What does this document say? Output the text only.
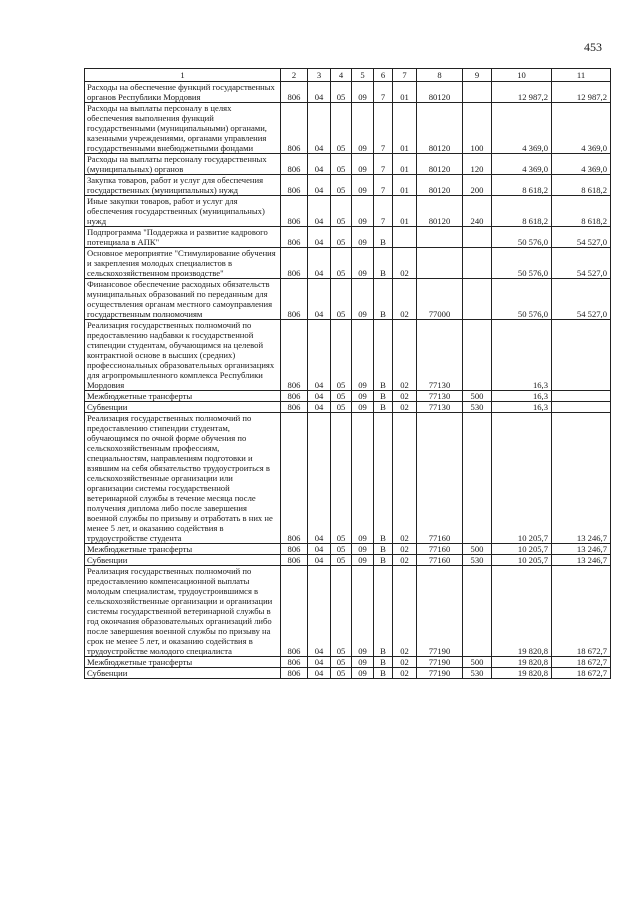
453
1	2	3	4	5	6	7	8	9	10	11
Расходы на обеспечение функций государственных органов Республики Мордовия	806	04	05	09	7	01	80120		12 987,2	12 987,2
Расходы на выплаты персоналу в целях обеспечения выполнения функций государственными (муниципальными) органами, казенными учреждениями, органами управления государственными внебюджетными фондами	806	04	05	09	7	01	80120	100	4 369,0	4 369,0
Расходы на выплаты персоналу государственных (муниципальных) органов	806	04	05	09	7	01	80120	120	4 369,0	4 369,0
Закупка товаров, работ и услуг для обеспечения государственных (муниципальных) нужд	806	04	05	09	7	01	80120	200	8 618,2	8 618,2
Иные закупки товаров, работ и услуг для обеспечения государственных (муниципальных) нужд	806	04	05	09	7	01	80120	240	8 618,2	8 618,2
Подпрограмма "Поддержка и развитие кадрового потенциала в АПК"	806	04	05	09	В				50 576,0	54 527,0
Основное мероприятие "Стимулирование обучения и закрепления молодых специалистов в сельскохозяйственном производстве"	806	04	05	09	В	02			50 576,0	54 527,0
Финансовое обеспечение расходных обязательств муниципальных образований по переданным для осуществления органам местного самоуправления государственным полномочиям	806	04	05	09	В	02	77000		50 576,0	54 527,0
Реализация государственных полномочий по предоставлению надбавки к государственной стипендии студентам, обучающимся на целевой контрактной основе в высших (средних) профессиональных образовательных организациях для агропромышленного комплекса Республики Мордовия	806	04	05	09	В	02	77130		16,3	
Межбюджетные трансферты	806	04	05	09	В	02	77130	500	16,3	
Субвенции	806	04	05	09	В	02	77130	530	16,3	
Реализация государственных полномочий по предоставлению стипендии студентам, обучающимся по очной форме обучения по сельскохозяйственным профессиям, специальностям, направлениям подготовки и взявшим на себя обязательство трудоустроиться в сельскохозяйственные организации или организации системы государственной ветеринарной службы в течение месяца после получения диплома либо после завершения военной службы по призыву и отработать в них не менее 5 лет, и оказанию содействия в трудоустройстве студента	806	04	05	09	В	02	77160		10 205,7	13 246,7
Межбюджетные трансферты	806	04	05	09	В	02	77160	500	10 205,7	13 246,7
Субвенции	806	04	05	09	В	02	77160	530	10 205,7	13 246,7
Реализация государственных полномочий по предоставлению компенсационной выплаты молодым специалистам, трудоустроившимся в сельскохозяйственные организации и организации системы государственной ветеринарной службы в год окончания образовательных организаций либо после завершения военной службы по призыву на срок не менее 5 лет, и оказанию содействия в трудоустройстве молодого специалиста	806	04	05	09	В	02	77190		19 820,8	18 672,7
Межбюджетные трансферты	806	04	05	09	В	02	77190	500	19 820,8	18 672,7
Субвенции	806	04	05	09	В	02	77190	530	19 820,8	18 672,7
